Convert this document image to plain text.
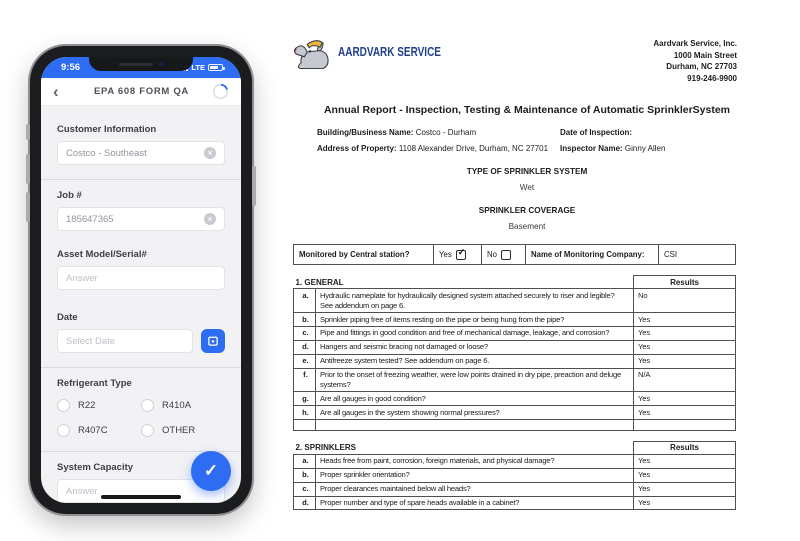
9:56	LTE
‹	EPA 608 FORM QA
Customer Information
Costco - Southeast	✕
Job #
185647365	✕
Asset Model/Serial#
Answer
Date
Select Date
Refrigerant Type
R22	R410A
R407C	OTHER
System Capacity
Answer
✓
AARDVARK SERVICE
Aardvark Service, Inc.
1000 Main Street
Durham, NC 27703
919-246-9900
Annual Report - Inspection, Testing & Maintenance of Automatic SprinklerSystem
Building/Business Name: Costco - Durham	Date of Inspection:
Address of Property: 1108 Alexander Drive, Durham, NC 27701	Inspector Name: Ginny Allen
TYPE OF SPRINKLER SYSTEM
Wet
SPRINKLER COVERAGE
Basement
Monitored by Central station?	Yes ✓	No	Name of Monitoring Company:	CSI
1. GENERAL		Results
a.	Hydraulic nameplate for hydraulically designed system attached securely to riser and legible? See addendum on page 6.	No
b.	Sprinkler piping free of items resting on the pipe or being hung from the pipe?	Yes
c.	Pipe and fittings in good condition and free of mechanical damage, leakage, and corrosion?	Yes
d.	Hangers and seismic bracing not damaged or loose?	Yes
e.	Antifreeze system tested? See addendum on page 6.	Yes
f.	Prior to the onset of freezing weather, were low points drained in dry pipe, preaction and deluge systems?	N/A
g.	Are all gauges in good condition?	Yes
h.	Are all gauges in the system showing normal pressures?	Yes

2. SPRINKLERS		Results
a.	Heads free from paint, corrosion, foreign materials, and physical damage?	Yes
b.	Proper sprinkler orientation?	Yes
c.	Proper clearances maintained below all heads?	Yes
d.	Proper number and type of spare heads available in a cabinet?	Yes
